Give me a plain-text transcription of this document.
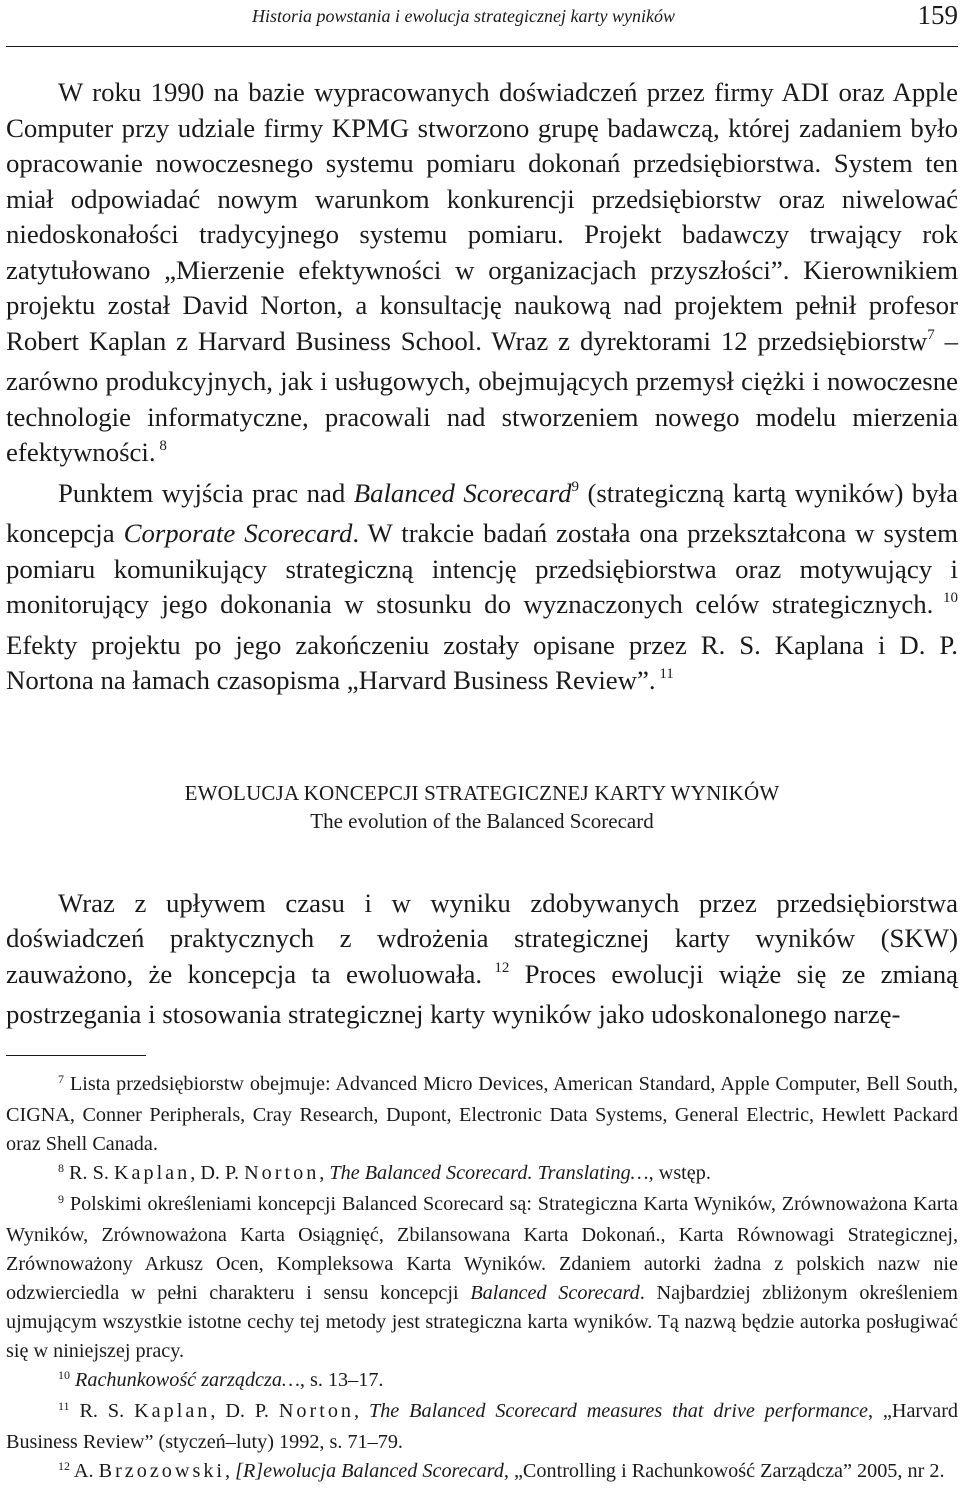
Historia powstania i ewolucja strategicznej karty wyników	159

W roku 1990 na bazie wypracowanych doświadczeń przez firmy ADI oraz Apple Computer przy udziale firmy KPMG stworzono grupę badawczą, której zadaniem było opracowanie nowoczesnego systemu pomiaru dokonań przedsiębiorstwa. System ten miał odpowiadać nowym warunkom konkurencji przedsiębiorstw oraz niwelować niedoskonałości tradycyjnego systemu pomiaru. Projekt badawczy trwający rok zatytułowano „Mierzenie efektywności w organizacjach przyszłości”. Kierownikiem projektu został David Norton, a konsultację naukową nad projektem pełnił profesor Robert Kaplan z Harvard Business School. Wraz z dyrektorami 12 przedsiębiorstw$^7$ – zarówno produkcyjnych, jak i usługowych, obejmujących przemysł ciężki i nowoczesne technologie informatyczne, pracowali nad stworzeniem nowego modelu mierzenia efektywności. $^8$

Punktem wyjścia prac nad Balanced Scorecard$^9$ (strategiczną kartą wyników) była koncepcja Corporate Scorecard. W trakcie badań została ona przekształcona w system pomiaru komunikujący strategiczną intencję przedsiębiorstwa oraz motywujący i monitorujący jego dokonania w stosunku do wyznaczonych celów strategicznych. $^{10}$ Efekty projektu po jego zakończeniu zostały opisane przez R. S. Kaplana i D. P. Nortona na łamach czasopisma „Harvard Business Review”. $^{11}$

EWOLUCJA KONCEPCJI STRATEGICZNEJ KARTY WYNIKÓW
The evolution of the Balanced Scorecard

Wraz z upływem czasu i w wyniku zdobywanych przez przedsiębiorstwa doświadczeń praktycznych z wdrożenia strategicznej karty wyników (SKW) zauważono, że koncepcja ta ewoluowała. $^{12}$ Proces ewolucji wiąże się ze zmianą postrzegania i stosowania strategicznej karty wyników jako udoskonalonego narzę-

$^7$ Lista przedsiębiorstw obejmuje: Advanced Micro Devices, American Standard, Apple Computer, Bell South, CIGNA, Conner Peripherals, Cray Research, Dupont, Electronic Data Systems, General Electric, Hewlett Packard oraz Shell Canada.

$^8$ R. S. Kaplan, D. P. Norton, The Balanced Scorecard. Translating…, wstęp.

$^9$ Polskimi określeniami koncepcji Balanced Scorecard są: Strategiczna Karta Wyników, Zrównoważona Karta Wyników, Zrównoważona Karta Osiągnięć, Zbilansowana Karta Dokonań., Karta Równowagi Strategicznej, Zrównoważony Arkusz Ocen, Kompleksowa Karta Wyników. Zdaniem autorki żadna z polskich nazw nie odzwierciedla w pełni charakteru i sensu koncepcji Balanced Scorecard. Najbardziej zbliżonym określeniem ujmującym wszystkie istotne cechy tej metody jest strategiczna karta wyników. Tą nazwą będzie autorka posługiwać się w niniejszej pracy.

$^{10}$ Rachunkowość zarządcza…, s. 13–17.

$^{11}$ R. S. Kaplan, D. P. Norton, The Balanced Scorecard measures that drive performance, „Harvard Business Review” (styczeń–luty) 1992, s. 71–79.

$^{12}$ A. Brzozowski, [R]ewolucja Balanced Scorecard, „Controlling i Rachunkowość Zarządcza” 2005, nr 2.
